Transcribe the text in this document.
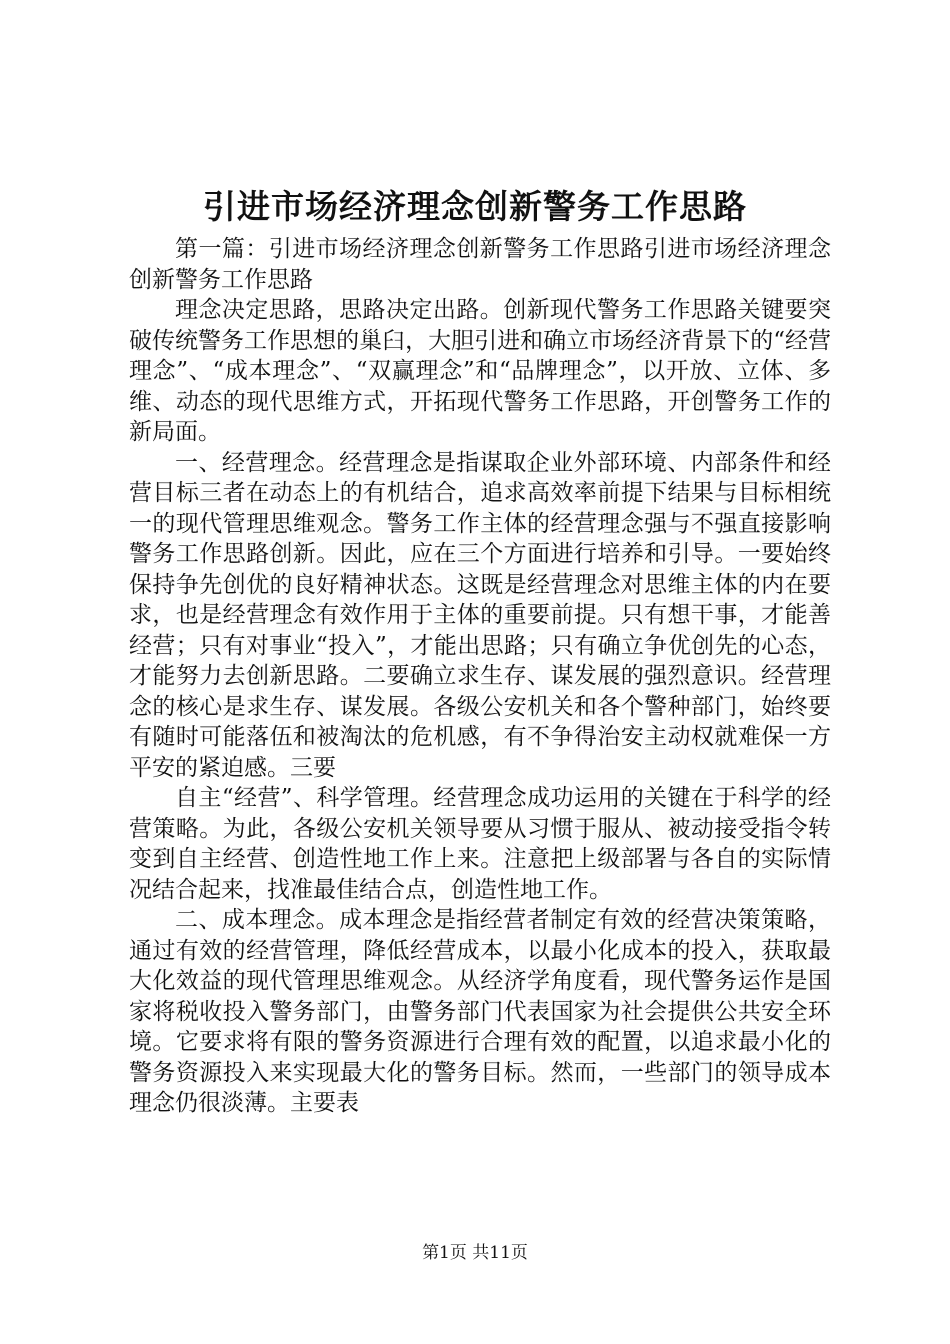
引进市场经济理念创新警务工作思路

第一篇：引进市场经济理念创新警务工作思路引进市场经济理念创新警务工作思路

理念决定思路，思路决定出路。创新现代警务工作思路关键要突破传统警务工作思想的巢臼，大胆引进和确立市场经济背景下的“经营理念”、“成本理念”、“双赢理念”和“品牌理念”，以开放、立体、多维、动态的现代思维方式，开拓现代警务工作思路，开创警务工作的新局面。

一、经营理念。经营理念是指谋取企业外部环境、内部条件和经营目标三者在动态上的有机结合，追求高效率前提下结果与目标相统一的现代管理思维观念。警务工作主体的经营理念强与不强直接影响警务工作思路创新。因此，应在三个方面进行培养和引导。一要始终保持争先创优的良好精神状态。这既是经营理念对思维主体的内在要求，也是经营理念有效作用于主体的重要前提。只有想干事，才能善经营；只有对事业“投入”，才能出思路；只有确立争优创先的心态，才能努力去创新思路。二要确立求生存、谋发展的强烈意识。经营理念的核心是求生存、谋发展。各级公安机关和各个警种部门，始终要有随时可能落伍和被淘汰的危机感，有不争得治安主动权就难保一方平安的紧迫感。三要

自主“经营”、科学管理。经营理念成功运用的关键在于科学的经营策略。为此，各级公安机关领导要从习惯于服从、被动接受指令转变到自主经营、创造性地工作上来。注意把上级部署与各自的实际情况结合起来，找准最佳结合点，创造性地工作。

二、成本理念。成本理念是指经营者制定有效的经营决策策略，通过有效的经营管理，降低经营成本，以最小化成本的投入，获取最大化效益的现代管理思维观念。从经济学角度看，现代警务运作是国家将税收投入警务部门，由警务部门代表国家为社会提供公共安全环境。它要求将有限的警务资源进行合理有效的配置，以追求最小化的警务资源投入来实现最大化的警务目标。然而，一些部门的领导成本理念仍很淡薄。主要表

第1页 共11页
